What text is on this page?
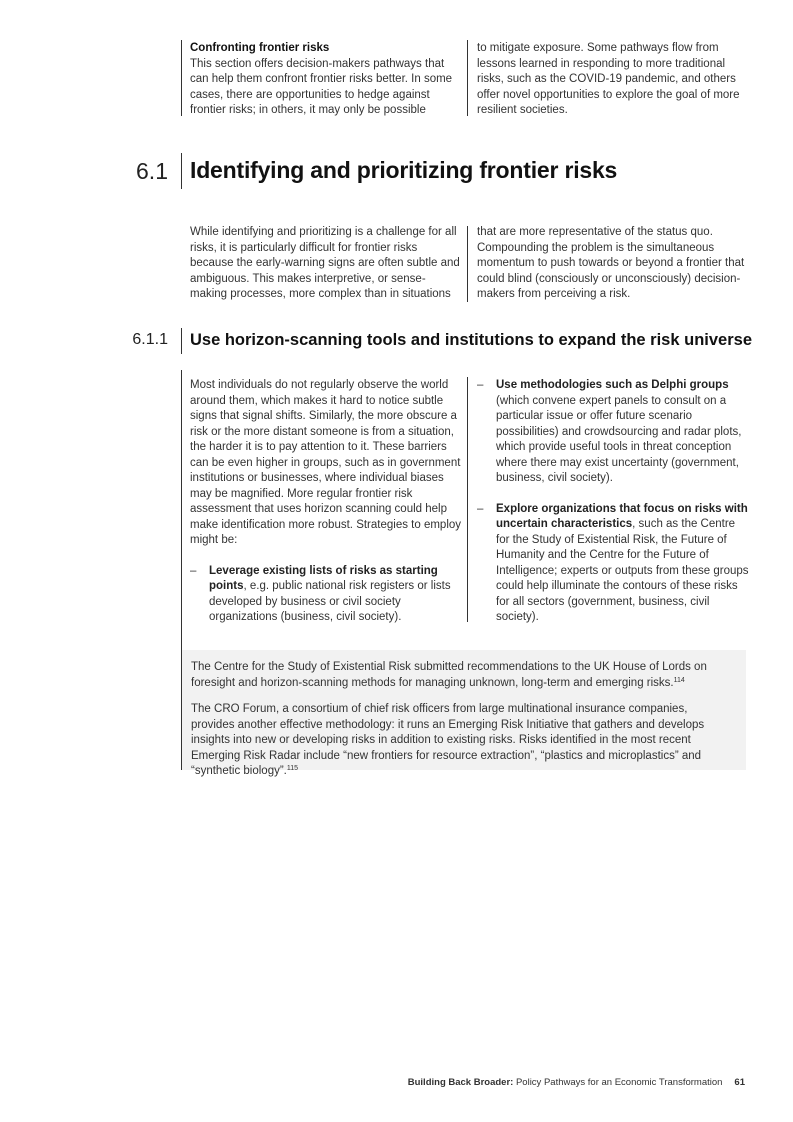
Confronting frontier risks

This section offers decision-makers pathways that can help them confront frontier risks better. In some cases, there are opportunities to hedge against frontier risks; in others, it may only be possible

to mitigate exposure. Some pathways flow from lessons learned in responding to more traditional risks, such as the COVID-19 pandemic, and others offer novel opportunities to explore the goal of more resilient societies.

6.1 Identifying and prioritizing frontier risks

While identifying and prioritizing is a challenge for all risks, it is particularly difficult for frontier risks because the early-warning signs are often subtle and ambiguous. This makes interpretive, or sense-making processes, more complex than in situations

that are more representative of the status quo. Compounding the problem is the simultaneous momentum to push towards or beyond a frontier that could blind (consciously or unconsciously) decision-makers from perceiving a risk.

6.1.1 Use horizon-scanning tools and institutions to expand the risk universe

Most individuals do not regularly observe the world around them, which makes it hard to notice subtle signs that signal shifts. Similarly, the more obscure a risk or the more distant someone is from a situation, the harder it is to pay attention to it. These barriers can be even higher in groups, such as in government institutions or businesses, where individual biases may be magnified. More regular frontier risk assessment that uses horizon scanning could help make identification more robust. Strategies to employ might be:

– Leverage existing lists of risks as starting points, e.g. public national risk registers or lists developed by business or civil society organizations (business, civil society).
– Use methodologies such as Delphi groups (which convene expert panels to consult on a particular issue or offer future scenario possibilities) and crowdsourcing and radar plots, which provide useful tools in threat conception where there may exist uncertainty (government, business, civil society).
– Explore organizations that focus on risks with uncertain characteristics, such as the Centre for the Study of Existential Risk, the Future of Humanity and the Centre for the Future of Intelligence; experts or outputs from these groups could help illuminate the contours of these risks for all sectors (government, business, civil society).

The Centre for the Study of Existential Risk submitted recommendations to the UK House of Lords on foresight and horizon-scanning methods for managing unknown, long-term and emerging risks.$^{114}$

The CRO Forum, a consortium of chief risk officers from large multinational insurance companies, provides another effective methodology: it runs an Emerging Risk Initiative that gathers and develops insights into new or developing risks in addition to existing risks. Risks identified in the most recent Emerging Risk Radar include “new frontiers for resource extraction”, “plastics and microplastics” and “synthetic biology”.$^{115}$

Building Back Broader: Policy Pathways for an Economic Transformation 61
